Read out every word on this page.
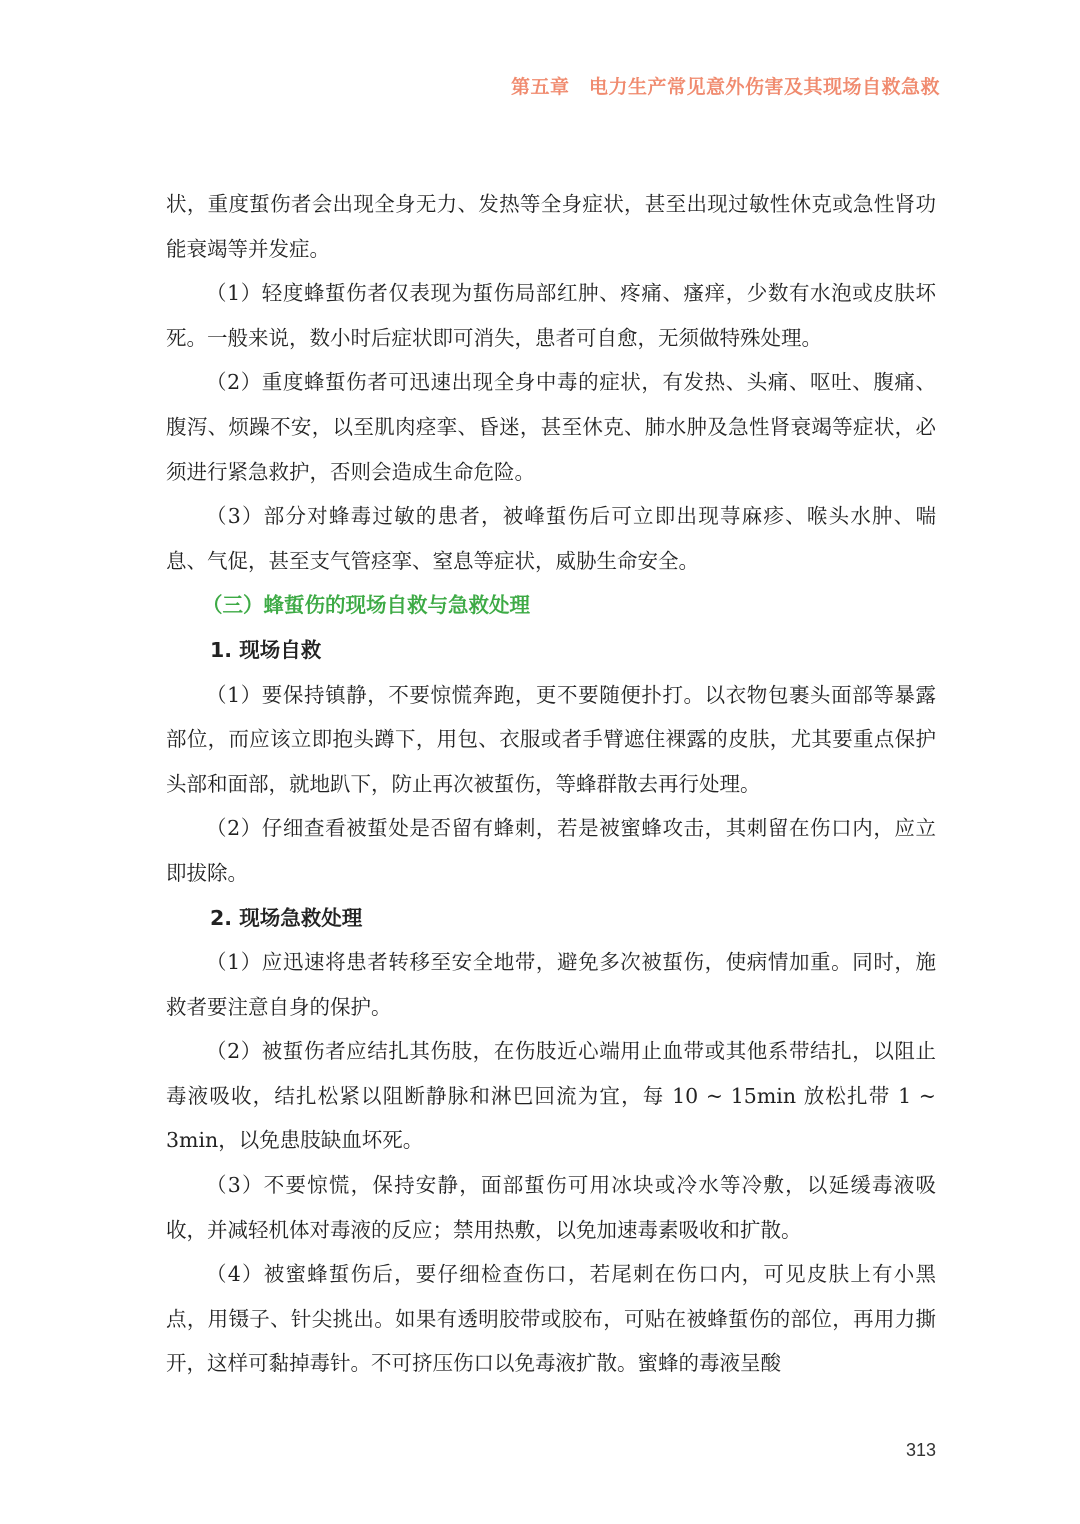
第五章　电力生产常见意外伤害及其现场自救急救

状，重度蜇伤者会出现全身无力、发热等全身症状，甚至出现过敏性休克或急性肾功能衰竭等并发症。

（1）轻度蜂蜇伤者仅表现为蜇伤局部红肿、疼痛、瘙痒，少数有水泡或皮肤坏死。一般来说，数小时后症状即可消失，患者可自愈，无须做特殊处理。

（2）重度蜂蜇伤者可迅速出现全身中毒的症状，有发热、头痛、呕吐、腹痛、腹泻、烦躁不安，以至肌肉痉挛、昏迷，甚至休克、肺水肿及急性肾衰竭等症状，必须进行紧急救护，否则会造成生命危险。

（3）部分对蜂毒过敏的患者，被峰蜇伤后可立即出现荨麻疹、喉头水肿、喘息、气促，甚至支气管痉挛、窒息等症状，威胁生命安全。

（三）蜂蜇伤的现场自救与急救处理

1. 现场自救

（1）要保持镇静，不要惊慌奔跑，更不要随便扑打。以衣物包裹头面部等暴露部位，而应该立即抱头蹲下，用包、衣服或者手臂遮住裸露的皮肤，尤其要重点保护头部和面部，就地趴下，防止再次被蜇伤，等蜂群散去再行处理。

（2）仔细查看被蜇处是否留有蜂刺，若是被蜜蜂攻击，其刺留在伤口内，应立即拔除。

2. 现场急救处理

（1）应迅速将患者转移至安全地带，避免多次被蜇伤，使病情加重。同时，施救者要注意自身的保护。

（2）被蜇伤者应结扎其伤肢，在伤肢近心端用止血带或其他系带结扎，以阻止毒液吸收，结扎松紧以阻断静脉和淋巴回流为宜，每 10 ~ 15min 放松扎带 1 ~ 3min，以免患肢缺血坏死。

（3）不要惊慌，保持安静，面部蜇伤可用冰块或冷水等冷敷，以延缓毒液吸收，并减轻机体对毒液的反应；禁用热敷，以免加速毒素吸收和扩散。

（4）被蜜蜂蜇伤后，要仔细检查伤口，若尾刺在伤口内，可见皮肤上有小黑点，用镊子、针尖挑出。如果有透明胶带或胶布，可贴在被蜂蜇伤的部位，再用力撕开，这样可黏掉毒针。不可挤压伤口以免毒液扩散。蜜蜂的毒液呈酸

313
